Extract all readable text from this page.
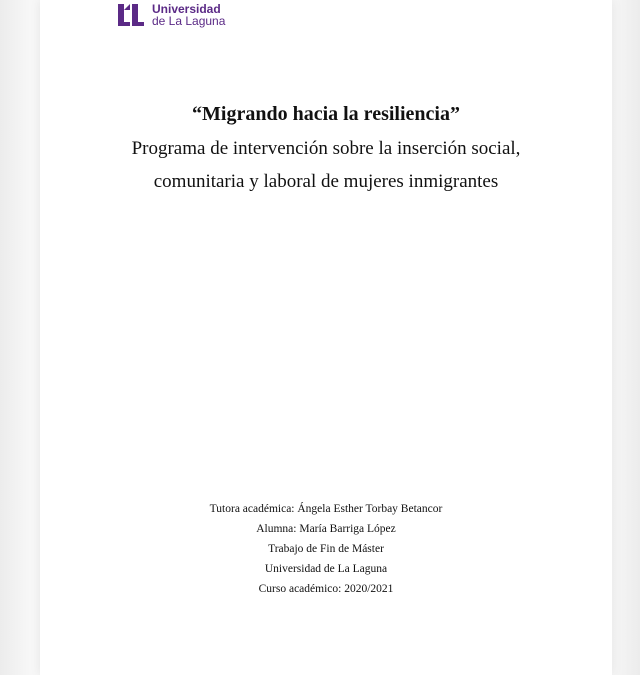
Universidad
de La Laguna

“Migrando hacia la resiliencia”

Programa de intervención sobre la inserción social,
comunitaria y laboral de mujeres inmigrantes

Tutora académica: Ángela Esther Torbay Betancor
Alumna: María Barriga López
Trabajo de Fin de Máster
Universidad de La Laguna
Curso académico: 2020/2021
